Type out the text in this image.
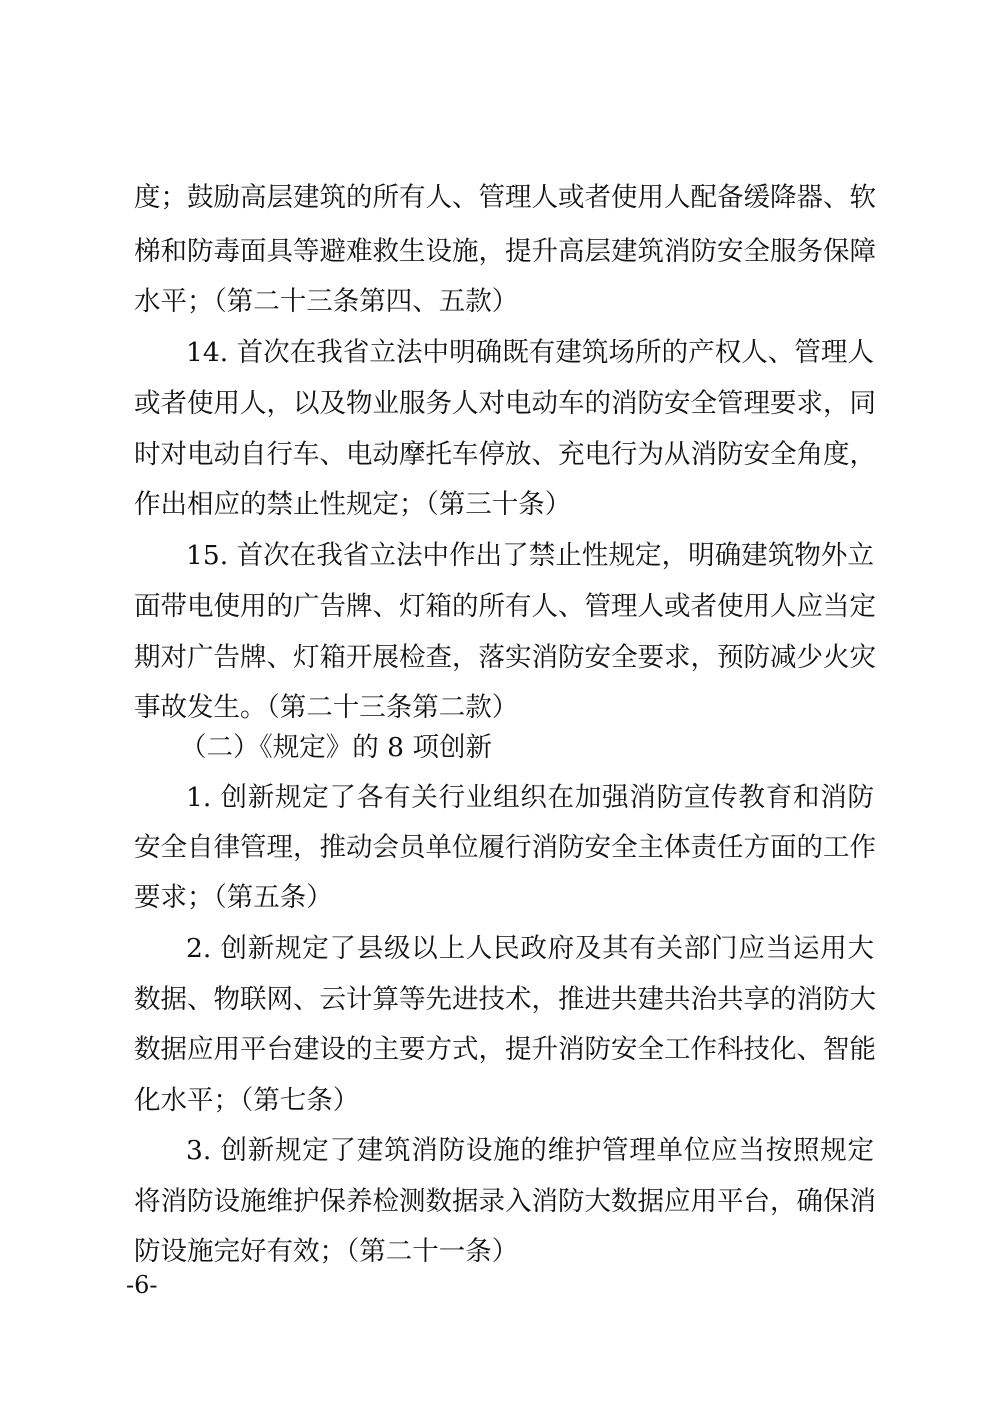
度；鼓励高层建筑的所有人、管理人或者使用人配备缓降器、软
梯和防毒面具等避难救生设施，提升高层建筑消防安全服务保障
水平；（第二十三条第四、五款）
14. 首次在我省立法中明确既有建筑场所的产权人、管理人
或者使用人，以及物业服务人对电动车的消防安全管理要求，同
时对电动自行车、电动摩托车停放、充电行为从消防安全角度，
作出相应的禁止性规定；（第三十条）
15. 首次在我省立法中作出了禁止性规定，明确建筑物外立
面带电使用的广告牌、灯箱的所有人、管理人或者使用人应当定
期对广告牌、灯箱开展检查，落实消防安全要求，预防减少火灾
事故发生。（第二十三条第二款）
（二）《规定》的 8 项创新
1. 创新规定了各有关行业组织在加强消防宣传教育和消防
安全自律管理，推动会员单位履行消防安全主体责任方面的工作
要求；（第五条）
2. 创新规定了县级以上人民政府及其有关部门应当运用大
数据、物联网、云计算等先进技术，推进共建共治共享的消防大
数据应用平台建设的主要方式，提升消防安全工作科技化、智能
化水平；（第七条）
3. 创新规定了建筑消防设施的维护管理单位应当按照规定
将消防设施维护保养检测数据录入消防大数据应用平台，确保消
防设施完好有效；（第二十一条）
-6-
